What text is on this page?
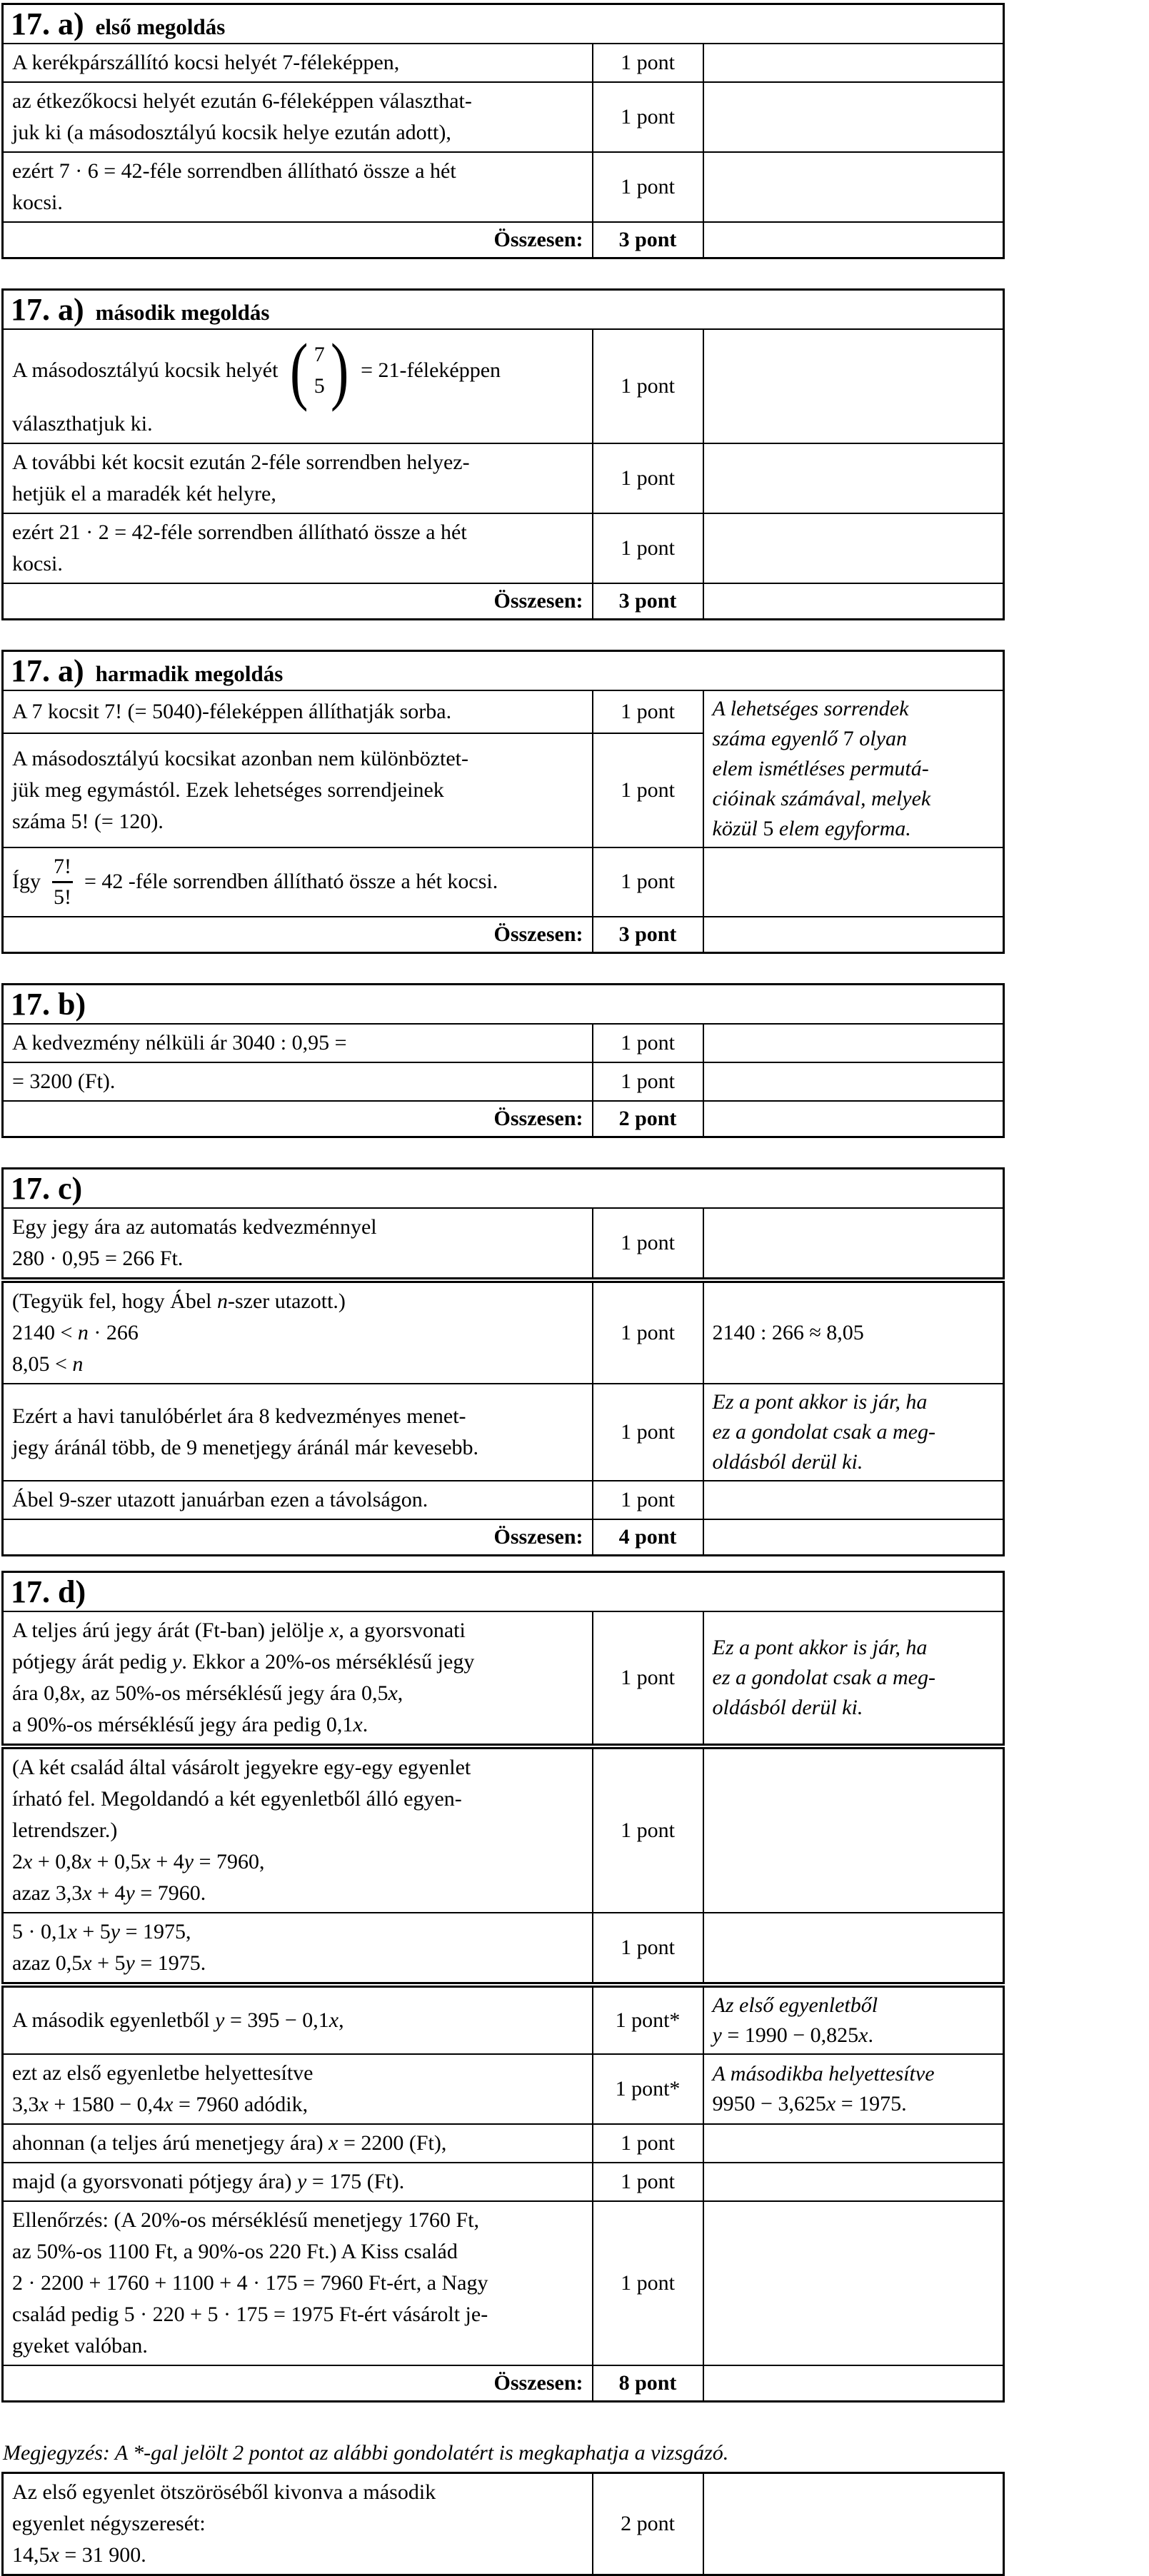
17. a) első megoldás		
A kerékpárszállító kocsi helyét 7-féleképpen,	1 pont	
az étkezőkocsi helyét ezután 6-féleképpen választhat-
juk ki (a másodosztályú kocsik helye ezután adott),	1 pont	
ezért 7 · 6 = 42-féle sorrendben állítható össze a hét
kocsi.	1 pont	
Összesen:	3 pont	
17. a) második megoldás		

A másodosztályú kocsik helyét ( 7
5 ) = 21-féleképpen
választhatjuk ki.
	1 pont	
A további két kocsit ezután 2-féle sorrendben helyez-
hetjük el a maradék két helyre,	1 pont	
ezért 21 · 2 = 42-féle sorrendben állítható össze a hét
kocsi.	1 pont	
Összesen:	3 pont	
17. a) harmadik megoldás		
A 7 kocsit 7! (= 5040)-féleképpen állíthatják sorba.	1 pont	A lehetséges sorrendek
száma egyenlő 7 olyan
elem ismétléses permutá-
cióinak számával, melyek
közül 5 elem egyforma.
A másodosztályú kocsikat azonban nem különböztet-
jük meg egymástól. Ezek lehetséges sorrendjeinek
száma 5! (= 120).	1 pont	

Így $\frac{7!}{5!} = 42$ -féle sorrendben állítható össze a hét kocsi.	1 pont	
Összesen:	3 pont	
17. b)		
A kedvezmény nélküli ár 3040 : 0,95 =	1 pont	
= 3200 (Ft).	1 pont	
Összesen:	2 pont	
17. c)		
Egy jegy ára az automatás kedvezménnyel
280 · 0,95 = 266 Ft.	1 pont	
(Tegyük fel, hogy Ábel n-szer utazott.)
2140 < n · 266
8,05 < n	1 pont	2140 : 266 ≈ 8,05
Ezért a havi tanulóbérlet ára 8 kedvezményes menet-
jegy áránál több, de 9 menetjegy áránál már kevesebb.	1 pont	Ez a pont akkor is jár, ha
ez a gondolat csak a meg-
oldásból derül ki.
Ábel 9-szer utazott januárban ezen a távolságon.	1 pont	
Összesen:	4 pont	
17. d)		
A teljes árú jegy árát (Ft-ban) jelölje x, a gyorsvonati
pótjegy árát pedig y. Ekkor a 20%-os mérséklésű jegy
ára 0,8x, az 50%-os mérséklésű jegy ára 0,5x,
a 90%-os mérséklésű jegy ára pedig 0,1x.	1 pont	Ez a pont akkor is jár, ha
ez a gondolat csak a meg-
oldásból derül ki.
(A két család által vásárolt jegyekre egy-egy egyenlet
írható fel. Megoldandó a két egyenletből álló egyen-
letrendszer.)
2x + 0,8x + 0,5x + 4y = 7960,
azaz 3,3x + 4y = 7960.	1 pont	
5 · 0,1x + 5y = 1975,
azaz 0,5x + 5y = 1975.	1 pont	
A második egyenletből y = 395 − 0,1x,	1 pont*	Az első egyenletből
y = 1990 − 0,825x.
ezt az első egyenletbe helyettesítve
3,3x + 1580 − 0,4x = 7960 adódik,	1 pont*	A másodikba helyettesítve
9950 − 3,625x = 1975.
ahonnan (a teljes árú menetjegy ára) x = 2200 (Ft),	1 pont	
majd (a gyorsvonati pótjegy ára) y = 175 (Ft).	1 pont	
Ellenőrzés: (A 20%-os mérséklésű menetjegy 1760 Ft,
az 50%-os 1100 Ft, a 90%-os 220 Ft.) A Kiss család
2 · 2200 + 1760 + 1100 + 4 · 175 = 7960 Ft-ért, a Nagy
család pedig 5 · 220 + 5 · 175 = 1975 Ft-ért vásárolt je-
gyeket valóban.	1 pont	
Összesen:	8 pont	
Megjegyzés: A *-gal jelölt 2 pontot az alábbi gondolatért is megkaphatja a vizsgázó.
Az első egyenlet ötszöröséből kivonva a második
egyenlet négyszeresét:
14,5x = 31 900.	2 pont	
